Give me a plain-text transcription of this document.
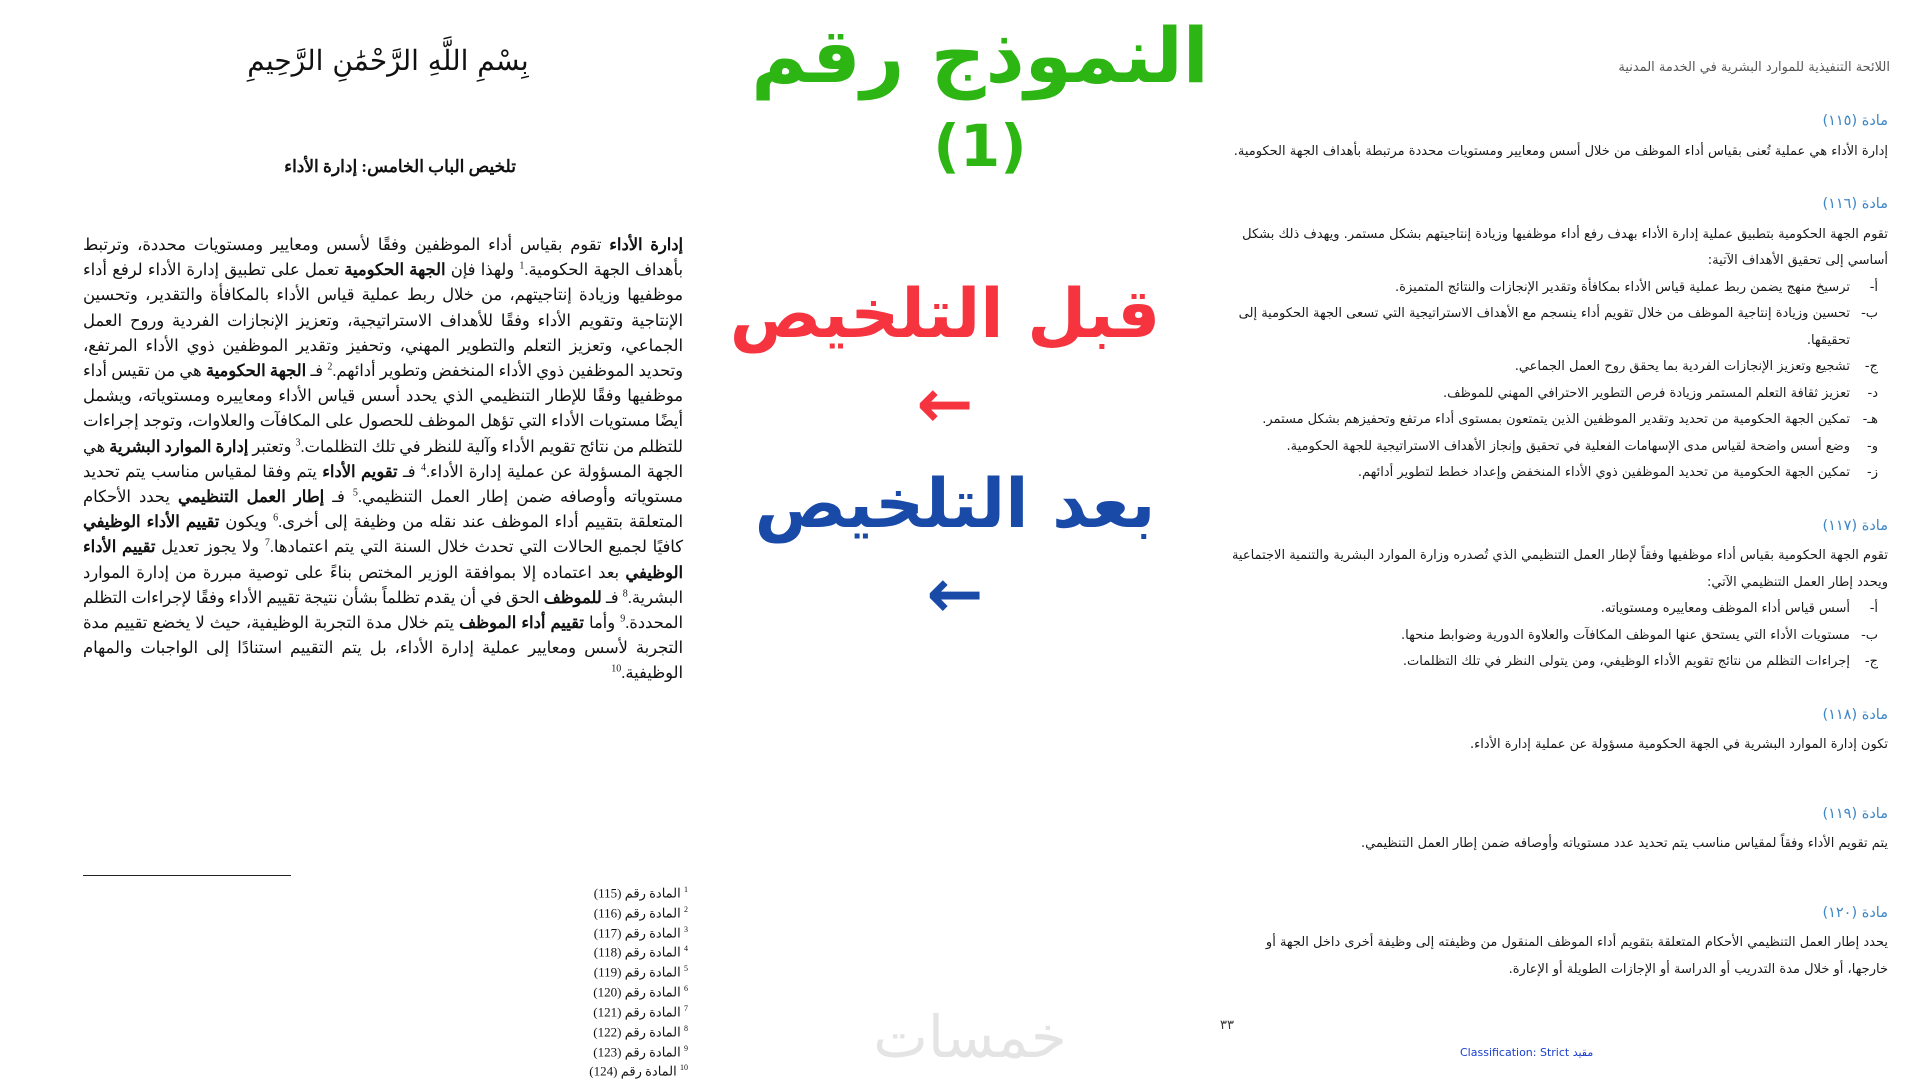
بِسْمِ اللَّهِ الرَّحْمَٰنِ الرَّحِيمِ
تلخيص الباب الخامس: إدارة الأداء
إدارة الأداء تقوم بقياس أداء الموظفين وفقًا لأسس ومعايير ومستويات محددة، وترتبط بأهداف الجهة الحكومية.$^1$ ولهذا فإن الجهة الحكومية تعمل على تطبيق إدارة الأداء لرفع أداء موظفيها وزيادة إنتاجيتهم، من خلال ربط عملية قياس الأداء بالمكافأة والتقدير، وتحسين الإنتاجية وتقويم الأداء وفقًا للأهداف الاستراتيجية، وتعزيز الإنجازات الفردية وروح العمل الجماعي، وتعزيز التعلم والتطوير المهني، وتحفيز وتقدير الموظفين ذوي الأداء المرتفع، وتحديد الموظفين ذوي الأداء المنخفض وتطوير أدائهم.$^2$ فـ الجهة الحكومية هي من تقيس أداء موظفيها وفقًا للإطار التنظيمي الذي يحدد أسس قياس الأداء ومعاييره ومستوياته، ويشمل أيضًا مستويات الأداء التي تؤهل الموظف للحصول على المكافآت والعلاوات، وتوجد إجراءات للتظلم من نتائج تقويم الأداء وآلية للنظر في تلك التظلمات.$^3$ وتعتبر إدارة الموارد البشرية هي الجهة المسؤولة عن عملية إدارة الأداء.$^4$ فـ تقويم الأداء يتم وفقا لمقياس مناسب يتم تحديد مستوياته وأوصافه ضمن إطار العمل التنظيمي.$^5$ فـ إطار العمل التنظيمي يحدد الأحكام المتعلقة بتقييم أداء الموظف عند نقله من وظيفة إلى أخرى.$^6$ ويكون تقييم الأداء الوظيفي كافيًا لجميع الحالات التي تحدث خلال السنة التي يتم اعتمادها.$^7$ ولا يجوز تعديل تقييم الأداء الوظيفي بعد اعتماده إلا بموافقة الوزير المختص بناءً على توصية مبررة من إدارة الموارد البشرية.$^8$ فـ للموظف الحق في أن يقدم تظلماً بشأن نتيجة تقييم الأداء وفقًا لإجراءات التظلم المحددة.$^9$ وأما تقييم أداء الموظف يتم خلال مدة التجربة الوظيفية، حيث لا يخضع تقييم مدة التجربة لأسس ومعايير عملية إدارة الأداء، بل يتم التقييم استنادًا إلى الواجبات والمهام الوظيفية.$^{10}$
$^1$ المادة رقم (115)
$^2$ المادة رقم (116)
$^3$ المادة رقم (117)
$^4$ المادة رقم (118)
$^5$ المادة رقم (119)
$^6$ المادة رقم (120)
$^7$ المادة رقم (121)
$^8$ المادة رقم (122)
$^9$ المادة رقم (123)
$^{10}$ المادة رقم (124)
النموذج رقم
(1)
قبل التلخيص ←
بعد التلخيص ←
خمسات
اللائحة التنفيذية للموارد البشرية في الخدمة المدنية
مادة (١١٥)
إدارة الأداء هي عملية تُعنى بقياس أداء الموظف من خلال أسس ومعايير ومستويات محددة مرتبطة بأهداف الجهة الحكومية.
مادة (١١٦)
تقوم الجهة الحكومية بتطبيق عملية إدارة الأداء بهدف رفع أداء موظفيها وزيادة إنتاجيتهم بشكل مستمر. ويهدف ذلك بشكل أساسي إلى تحقيق الأهداف الآتية:
أ-ترسيخ منهج يضمن ربط عملية قياس الأداء بمكافأة وتقدير الإنجازات والنتائج المتميزة.
ب-تحسين وزيادة إنتاجية الموظف من خلال تقويم أداء ينسجم مع الأهداف الاستراتيجية التي تسعى الجهة الحكومية إلى تحقيقها.
ج-تشجيع وتعزيز الإنجازات الفردية بما يحقق روح العمل الجماعي.
د-تعزيز ثقافة التعلم المستمر وزيادة فرص التطوير الاحترافي المهني للموظف.
هـ-تمكين الجهة الحكومية من تحديد وتقدير الموظفين الذين يتمتعون بمستوى أداء مرتفع وتحفيزهم بشكل مستمر.
و-وضع أسس واضحة لقياس مدى الإسهامات الفعلية في تحقيق وإنجاز الأهداف الاستراتيجية للجهة الحكومية.
ز-تمكين الجهة الحكومية من تحديد الموظفين ذوي الأداء المنخفض وإعداد خطط لتطوير أدائهم.
مادة (١١٧)
تقوم الجهة الحكومية بقياس أداء موظفيها وفقاً لإطار العمل التنظيمي الذي تُصدره وزارة الموارد البشرية والتنمية الاجتماعية ويحدد إطار العمل التنظيمي الآتي:
أ-أسس قياس أداء الموظف ومعاييره ومستوياته.
ب-مستويات الأداء التي يستحق عنها الموظف المكافآت والعلاوة الدورية وضوابط منحها.
ج-إجراءات التظلم من نتائج تقويم الأداء الوظيفي، ومن يتولى النظر في تلك التظلمات.
مادة (١١٨)
تكون إدارة الموارد البشرية في الجهة الحكومية مسؤولة عن عملية إدارة الأداء.
مادة (١١٩)
يتم تقويم الأداء وفقاً لمقياس مناسب يتم تحديد عدد مستوياته وأوصافه ضمن إطار العمل التنظيمي.
مادة (١٢٠)
يحدد إطار العمل التنظيمي الأحكام المتعلقة بتقويم أداء الموظف المنقول من وظيفته إلى وظيفة أخرى داخل الجهة أو خارجها، أو خلال مدة التدريب أو الدراسة أو الإجازات الطويلة أو الإعارة.
٣٣
Classification: Strict مقيد
